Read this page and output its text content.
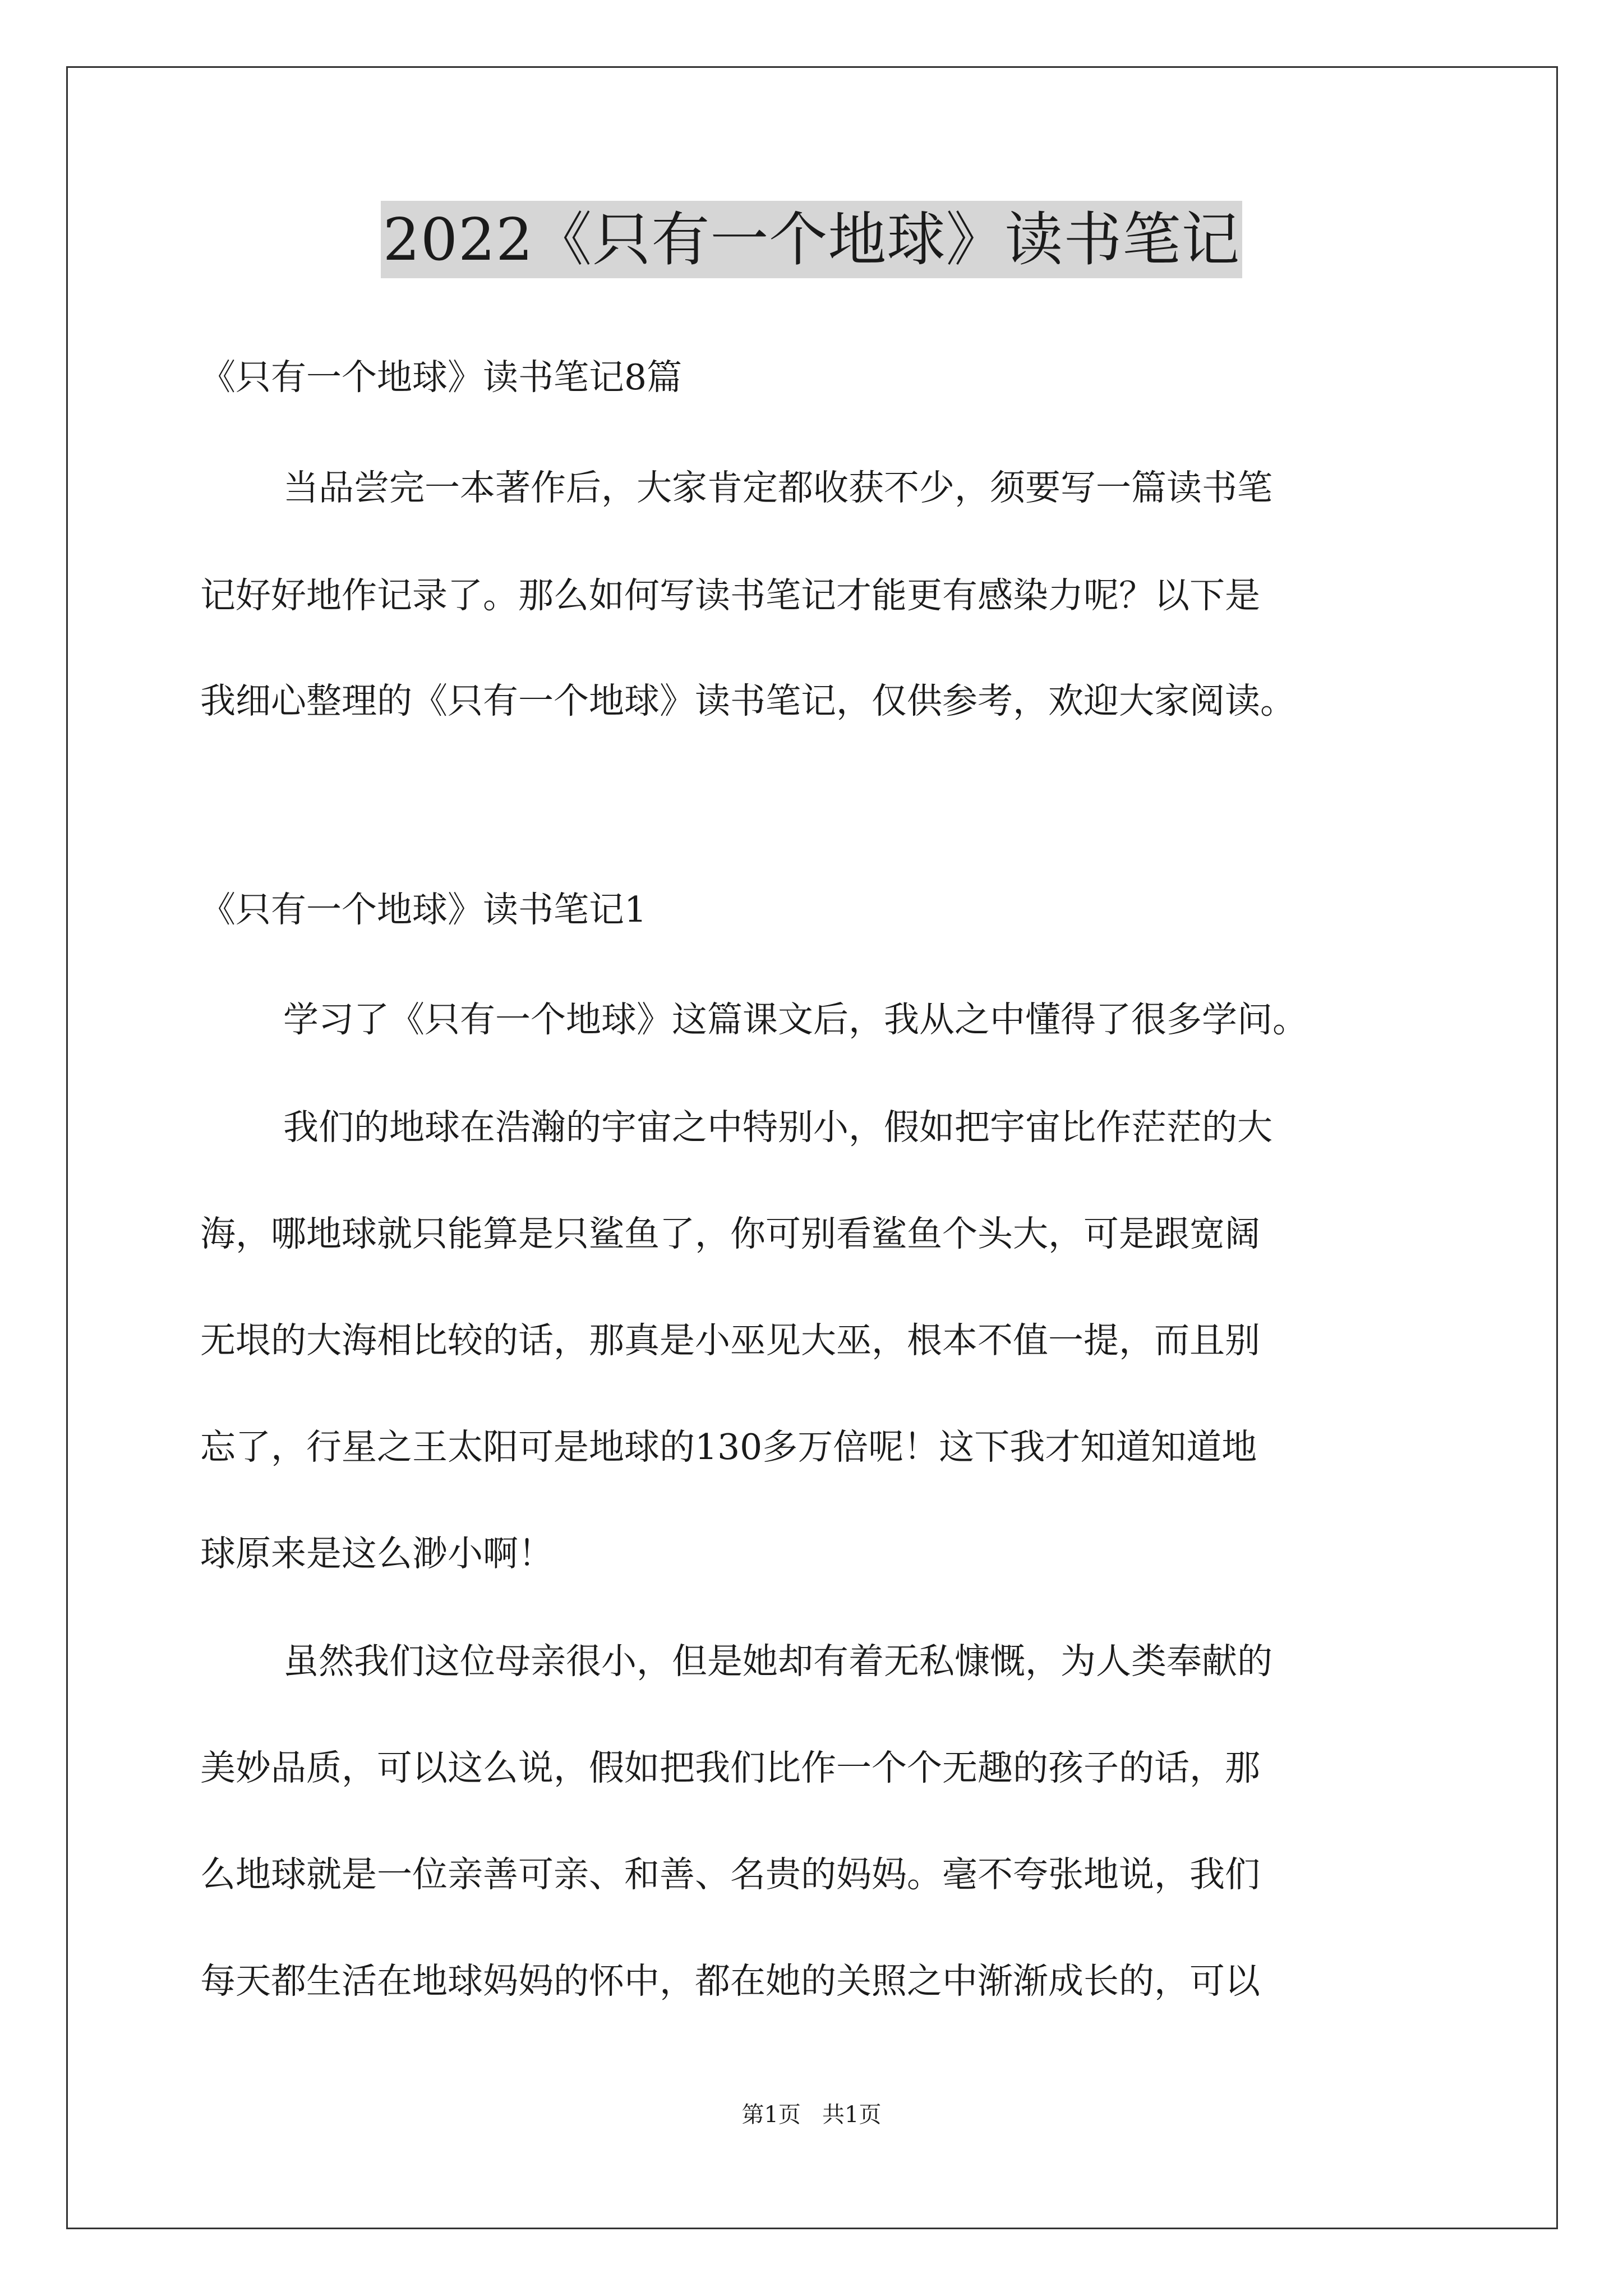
2022《只有一个地球》读书笔记
《只有一个地球》读书笔记8篇
当品尝完一本著作后，大家肯定都收获不少，须要写一篇读书笔
记好好地作记录了。那么如何写读书笔记才能更有感染力呢？以下是
我细心整理的《只有一个地球》读书笔记，仅供参考，欢迎大家阅读。
《只有一个地球》读书笔记1
学习了《只有一个地球》这篇课文后，我从之中懂得了很多学问。
我们的地球在浩瀚的宇宙之中特别小，假如把宇宙比作茫茫的大
海，哪地球就只能算是只鲨鱼了，你可别看鲨鱼个头大，可是跟宽阔
无垠的大海相比较的话，那真是小巫见大巫，根本不值一提，而且别
忘了，行星之王太阳可是地球的130多万倍呢！这下我才知道知道地
球原来是这么渺小啊！
虽然我们这位母亲很小，但是她却有着无私慷慨，为人类奉献的
美妙品质，可以这么说，假如把我们比作一个个无趣的孩子的话，那
么地球就是一位亲善可亲、和善、名贵的妈妈。毫不夸张地说，我们
每天都生活在地球妈妈的怀中，都在她的关照之中渐渐成长的，可以
第1页   共1页
